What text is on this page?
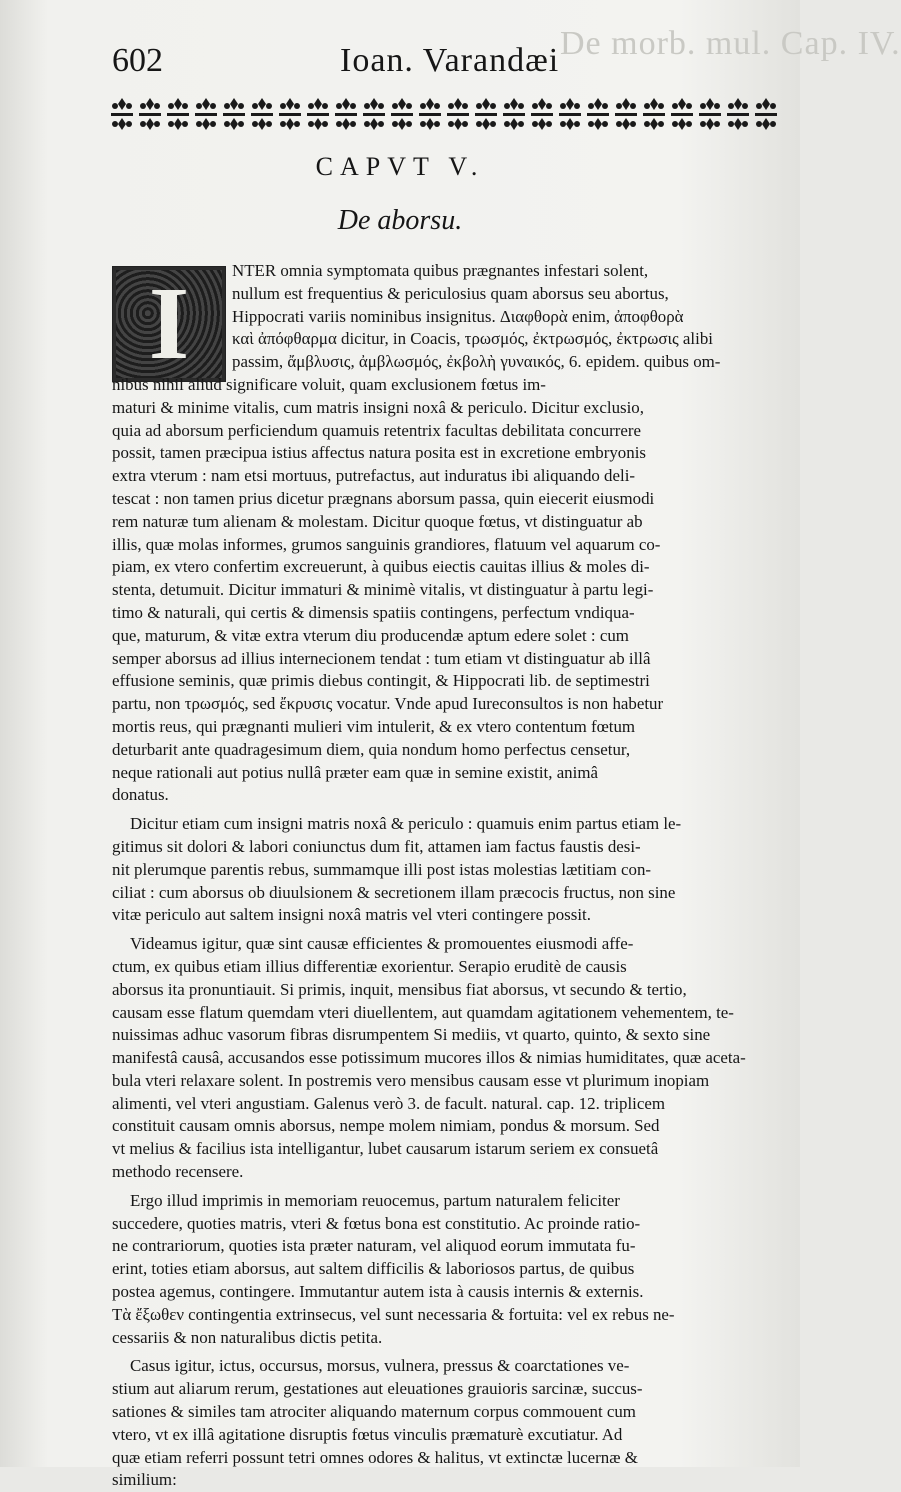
De morb. mul. Cap. IV.
602	Ioan. Varandæi
CAPVT V.
De aborsu.
I	NTER omnia symptomata quibus prægnantes infestari solent,
nullum est frequentius & periculosius quam aborsus seu abortus,
Hippocrati variis nominibus insignitus. Διαφθορὰ enim, ἀποφθορὰ
καὶ ἀπόφθαρμα dicitur, in Coacis, τρωσμός, ἐκτρωσμός, ἐκτρωσις alibi
passim, ἄμβλυσις, ἀμβλωσμός, ἐκβολὴ γυναικός, 6. epidem. quibus om-
nibus nihil aliud significare voluit, quam exclusionem fœtus im-
maturi & minime vitalis, cum matris insigni noxâ & periculo. Dicitur exclusio,
quia ad aborsum perficiendum quamuis retentrix facultas debilitata concurrere
possit, tamen præcipua istius affectus natura posita est in excretione embryonis
extra vterum : nam etsi mortuus, putrefactus, aut induratus ibi aliquando deli-
tescat : non tamen prius dicetur prægnans aborsum passa, quin eiecerit eiusmodi
rem naturæ tum alienam & molestam. Dicitur quoque fœtus, vt distinguatur ab
illis, quæ molas informes, grumos sanguinis grandiores, flatuum vel aquarum co-
piam, ex vtero confertim excreuerunt, à quibus eiectis cauitas illius & moles di-
stenta, detumuit. Dicitur immaturi & minimè vitalis, vt distinguatur à partu legi-
timo & naturali, qui certis & dimensis spatiis contingens, perfectum vndiqua-
que, maturum, & vitæ extra vterum diu producendæ aptum edere solet : cum
semper aborsus ad illius internecionem tendat : tum etiam vt distinguatur ab illâ
effusione seminis, quæ primis diebus contingit, & Hippocrati lib. de septimestri
partu, non τρωσμός, sed ἔκρυσις vocatur. Vnde apud Iureconsultos is non habetur
mortis reus, qui prægnanti mulieri vim intulerit, & ex vtero contentum fœtum
deturbarit ante quadragesimum diem, quia nondum homo perfectus censetur,
neque rationali aut potius nullâ præter eam quæ in semine existit, animâ
donatus.
Dicitur etiam cum insigni matris noxâ & periculo : quamuis enim partus etiam le-
gitimus sit dolori & labori coniunctus dum fit, attamen iam factus faustis desi-
nit plerumque parentis rebus, summamque illi post istas molestias lætitiam con-
ciliat : cum aborsus ob diuulsionem & secretionem illam præcocis fructus, non sine
vitæ periculo aut saltem insigni noxâ matris vel vteri contingere possit.
Videamus igitur, quæ sint causæ efficientes & promouentes eiusmodi affe-
ctum, ex quibus etiam illius differentiæ exorientur. Serapio eruditè de causis
aborsus ita pronuntiauit. Si primis, inquit, mensibus fiat aborsus, vt secundo & tertio,
causam esse flatum quemdam vteri diuellentem, aut quamdam agitationem vehementem, te-
nuissimas adhuc vasorum fibras disrumpentem Si mediis, vt quarto, quinto, & sexto sine
manifestâ causâ, accusandos esse potissimum mucores illos & nimias humiditates, quæ aceta-
bula vteri relaxare solent. In postremis vero mensibus causam esse vt plurimum inopiam
alimenti, vel vteri angustiam. Galenus verò 3. de facult. natural. cap. 12. triplicem
constituit causam omnis aborsus, nempe molem nimiam, pondus & morsum. Sed
vt melius & facilius ista intelligantur, lubet causarum istarum seriem ex consuetâ
methodo recensere.
Ergo illud imprimis in memoriam reuocemus, partum naturalem feliciter
succedere, quoties matris, vteri & fœtus bona est constitutio. Ac proinde ratio-
ne contrariorum, quoties ista præter naturam, vel aliquod eorum immutata fu-
erint, toties etiam aborsus, aut saltem difficilis & laboriosos partus, de quibus
postea agemus, contingere. Immutantur autem ista à causis internis & externis.
Τὰ ἔξωθεν contingentia extrinsecus, vel sunt necessaria & fortuita: vel ex rebus ne-
cessariis & non naturalibus dictis petita.
Casus igitur, ictus, occursus, morsus, vulnera, pressus & coarctationes ve-
stium aut aliarum rerum, gestationes aut eleuationes grauioris sarcinæ, succus-
sationes & similes tam atrociter aliquando maternum corpus commouent cum
vtero, vt ex illâ agitatione disruptis fœtus vinculis præmaturè excutiatur. Ad
quæ etiam referri possunt tetri omnes odores & halitus, vt extinctæ lucernæ &
similium:
